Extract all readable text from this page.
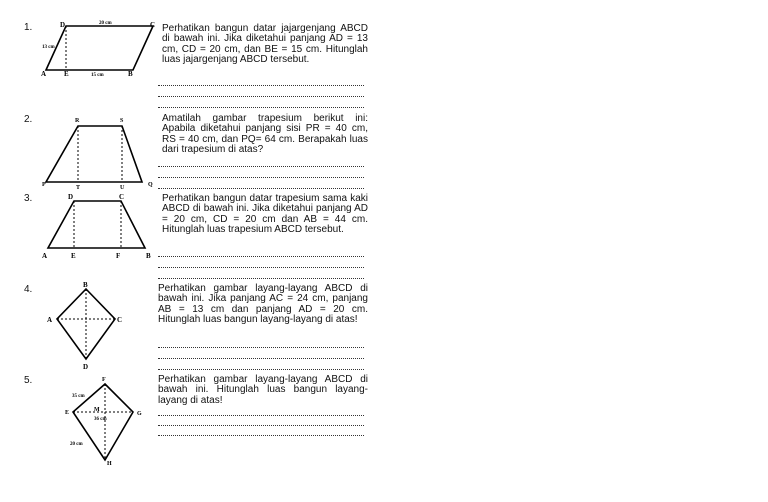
1.	D	C
A	E	B
20 cm
13 cm
15 cm
Perhatikan bangun datar jajargenjang ABCD di bawah ini. Jika diketahui panjang AD = 13 cm, CD = 20 cm, dan BE = 15 cm. Hitunglah luas jajargenjang ABCD tersebut.
2.	R	S
P	Q
T	U
Amatilah gambar trapesium berikut ini: Apabila diketahui panjang sisi PR = 40 cm, RS = 40 cm, dan PQ= 64 cm. Berapakah luas dari trapesium di atas?
3.	D	C
A	E	F	B
Perhatikan bangun datar trapesium sama kaki ABCD di bawah ini. Jika diketahui panjang AD = 20 cm, CD = 20 cm dan AB = 44 cm. Hitunglah luas trapesium ABCD tersebut.
4.	B
A	C
D
Perhatikan gambar layang-layang ABCD di bawah ini. Jika panjang AC = 24 cm, panjang AB = 13 cm dan panjang AD = 20 cm. Hitunglah luas bangun layang-layang di atas!
5.	F
E	G
H
M
35 cm
36 cm
20 cm
Perhatikan gambar layang-layang ABCD di bawah ini. Hitunglah luas bangun layang-layang di atas!
